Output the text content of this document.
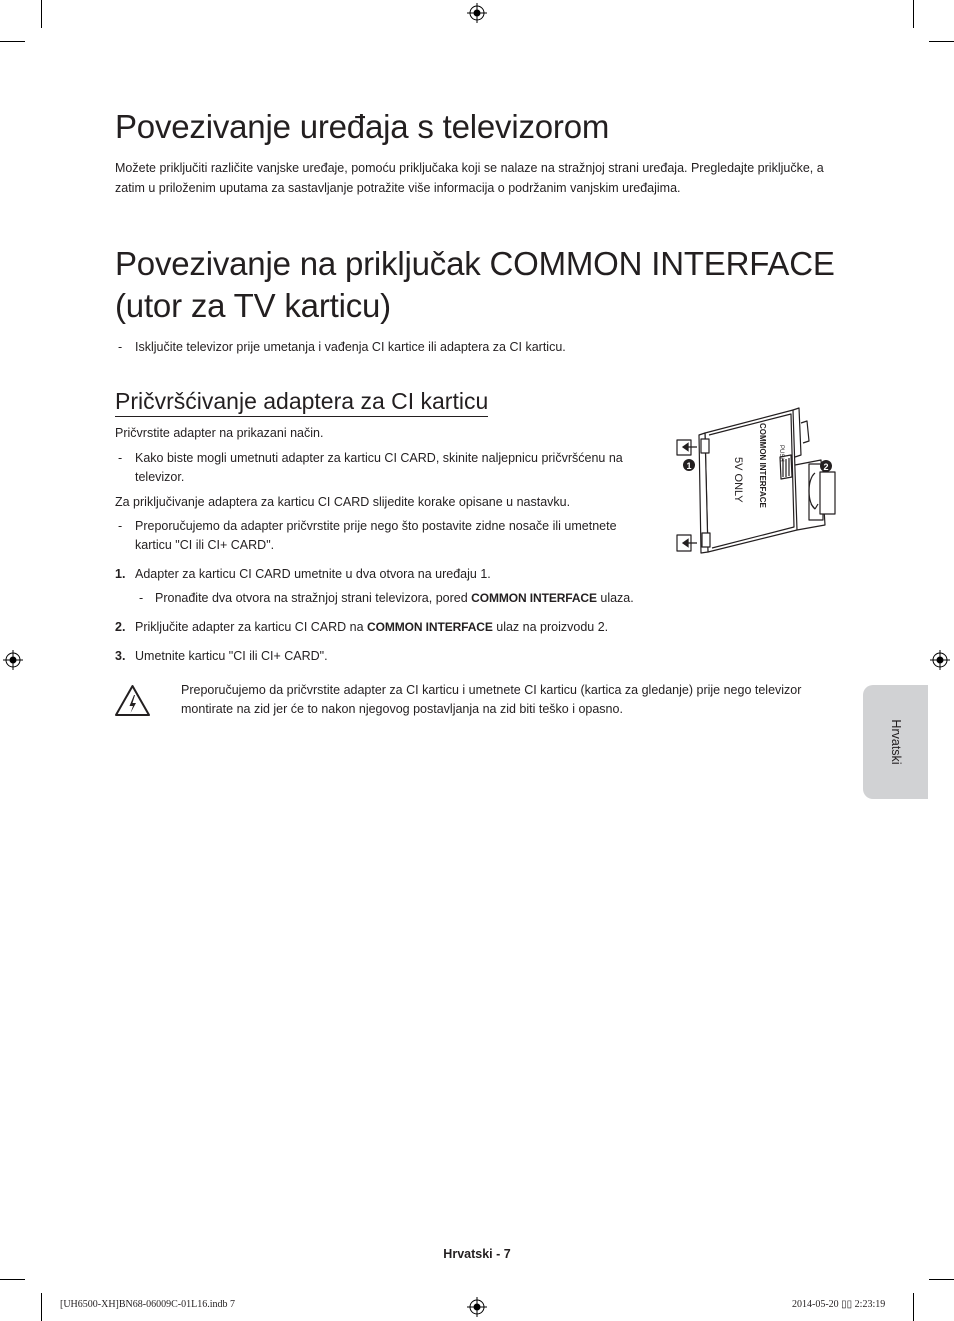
Povezivanje uređaja s televizorom
Možete priključiti različite vanjske uređaje, pomoću priključaka koji se nalaze na stražnjoj strani uređaja. Pregledajte priključke, a zatim u priloženim uputama za sastavljanje potražite više informacija o podržanim vanjskim uređajima.
Povezivanje na priključak COMMON INTERFACE
(utor za TV karticu)
- Isključite televizor prije umetanja i vađenja CI kartice ili adaptera za CI karticu.
Pričvršćivanje adaptera za CI karticu
Pričvrstite adapter na prikazani način.
- Kako biste mogli umetnuti adapter za karticu CI CARD, skinite naljepnicu pričvršćenu na
televizor.
Za priključivanje adaptera za karticu CI CARD slijedite korake opisane u nastavku.
- Preporučujemo da adapter pričvrstite prije nego što postavite zidne nosače ili umetnete
karticu "CI ili CI+ CARD".
1. Adapter za karticu CI CARD umetnite u dva otvora na uređaju 1.
- Pronađite dva otvora na stražnjoj strani televizora, pored COMMON INTERFACE ulaza.
2. Priključite adapter za karticu CI CARD na COMMON INTERFACE ulaz na proizvodu 2.
3. Umetnite karticu "CI ili CI+ CARD".
Preporučujemo da pričvrstite adapter za CI karticu i umetnete CI karticu (kartica za gledanje) prije nego televizor
montirate na zid jer će to nakon njegovog postavljanja na zid biti teško i opasno.
1	2
COMMON INTERFACE PUSH
5V ONLY
Hrvatski
Hrvatski - 7
[UH6500-XH]BN68-06009C-01L16.indb 7	2014-05-20 ▯▯ 2:23:19
